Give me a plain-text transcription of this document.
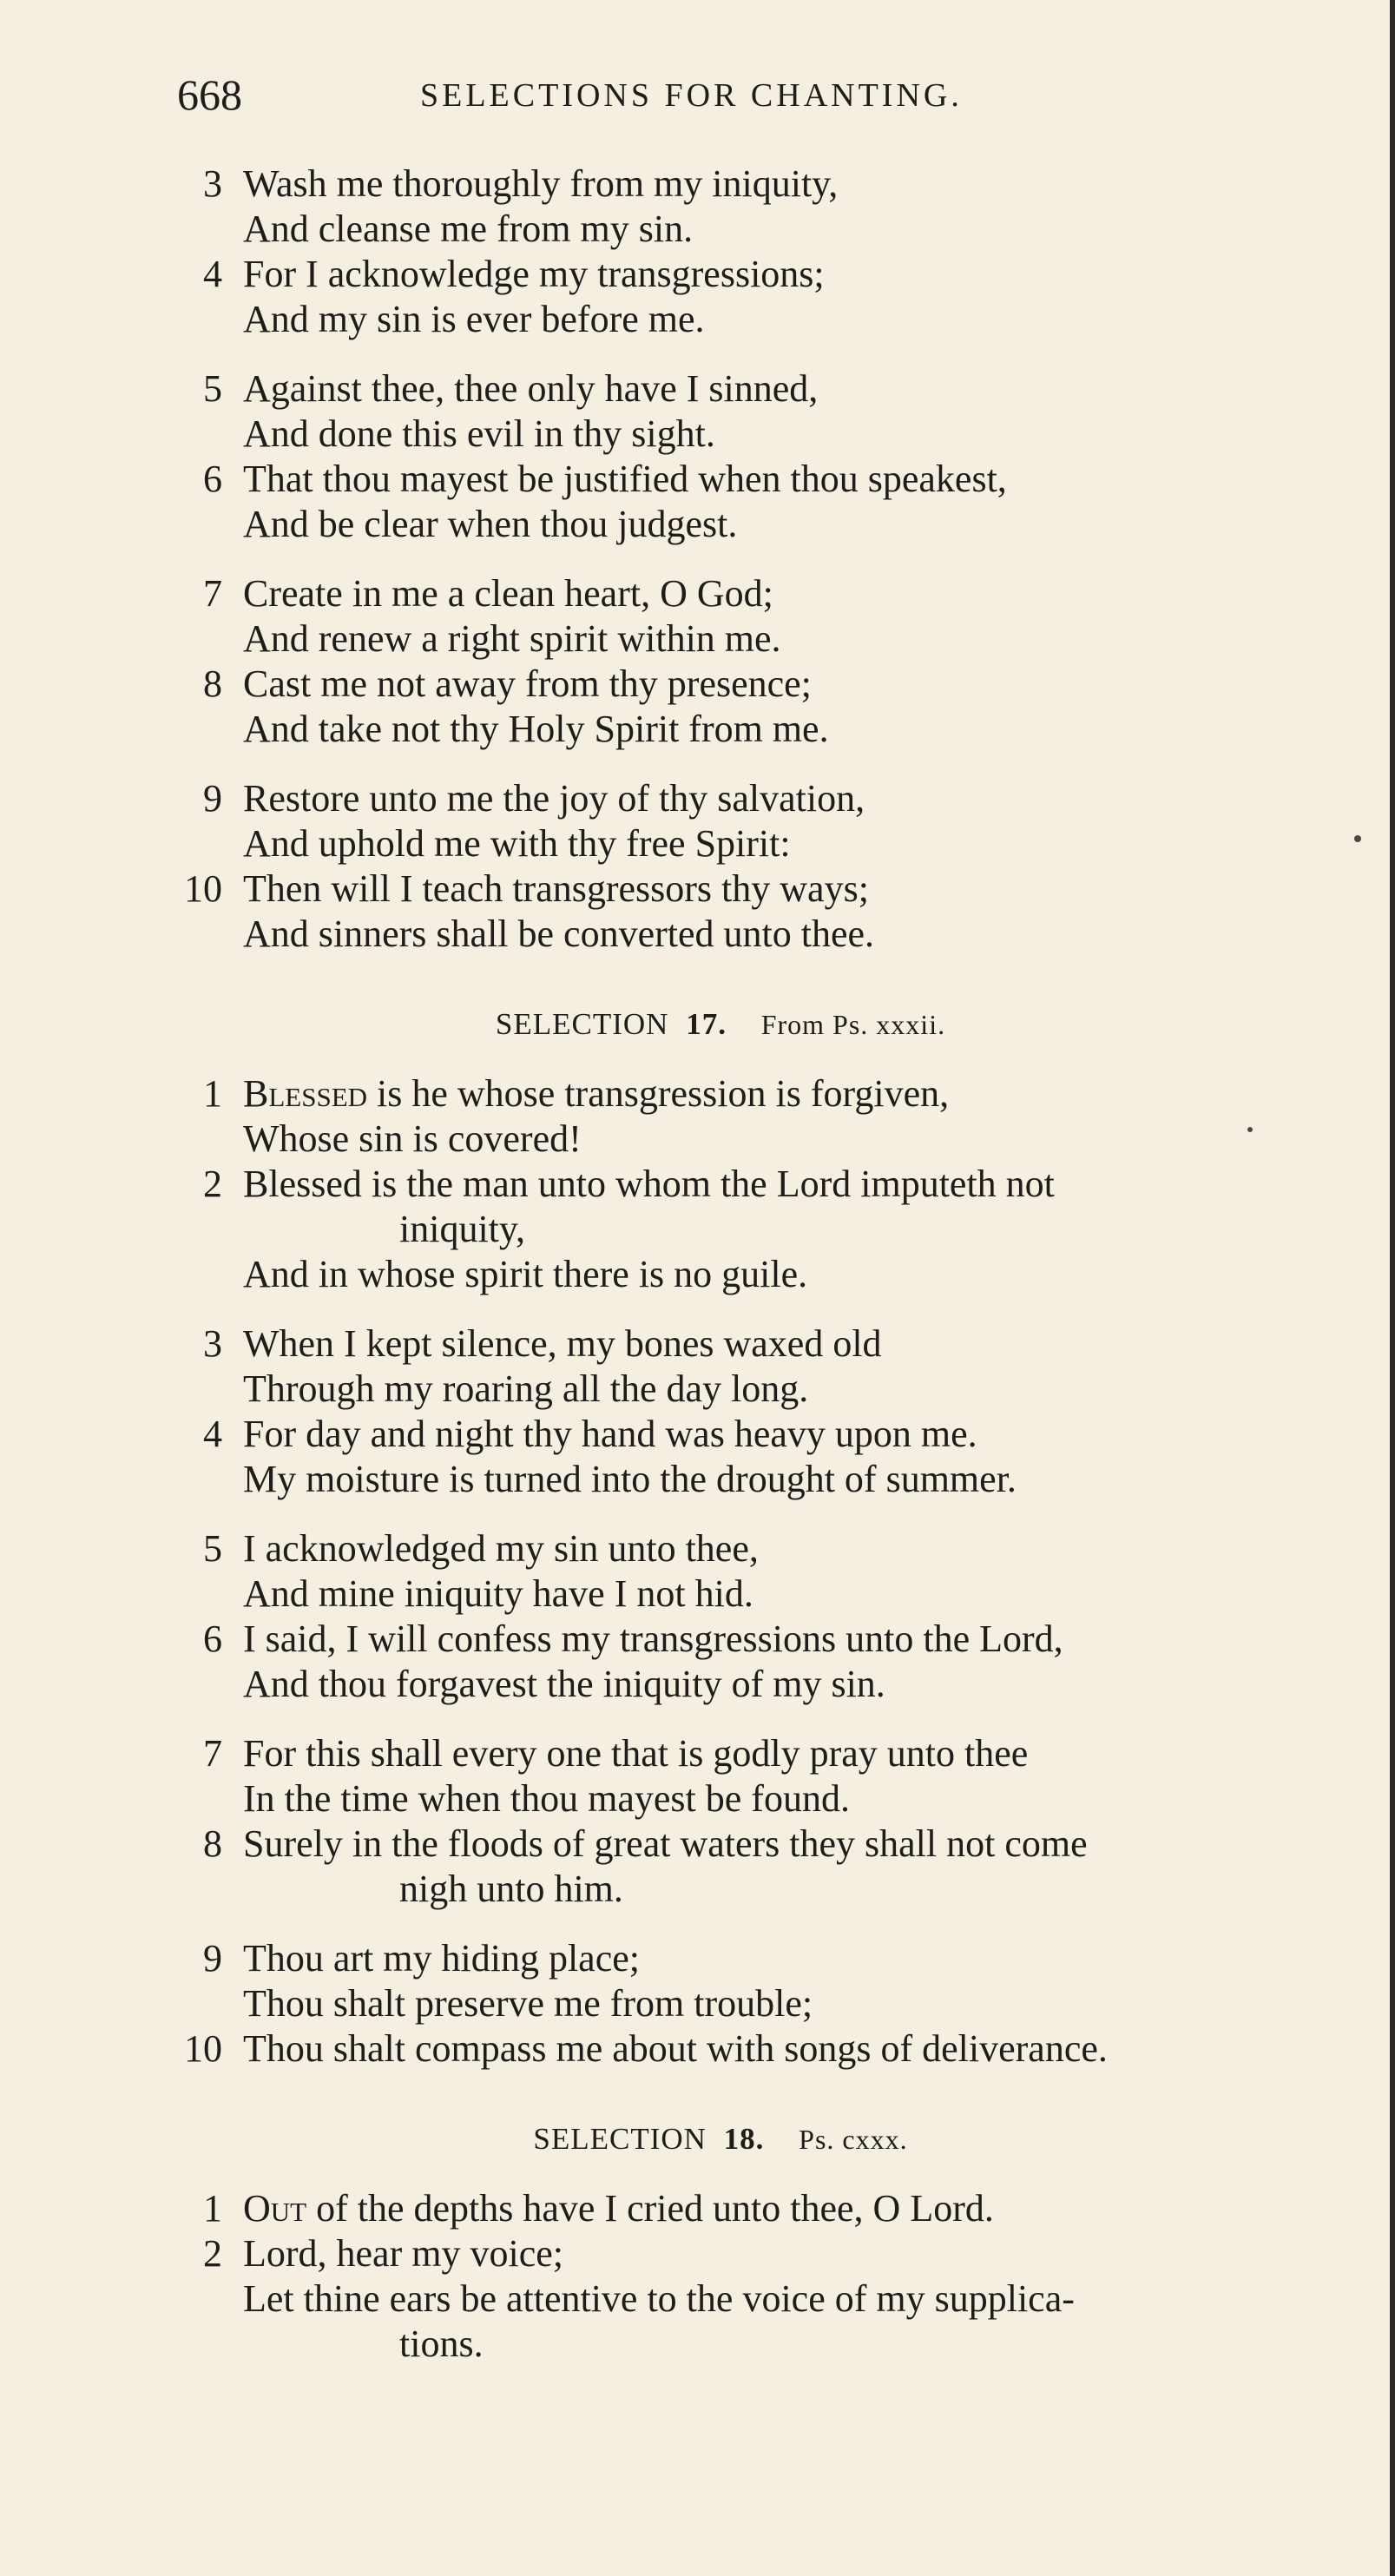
668	SELECTIONS FOR CHANTING.
3 Wash me thoroughly from my iniquity,
And cleanse me from my sin.
4 For I acknowledge my transgressions;
And my sin is ever before me.
5 Against thee, thee only have I sinned,
And done this evil in thy sight.
6 That thou mayest be justified when thou speakest,
And be clear when thou judgest.
7 Create in me a clean heart, O God;
And renew a right spirit within me.
8 Cast me not away from thy presence;
And take not thy Holy Spirit from me.
9 Restore unto me the joy of thy salvation,
And uphold me with thy free Spirit:
10 Then will I teach transgressors thy ways;
And sinners shall be converted unto thee.
SELECTION 17. From Ps. xxxii.
1 Blessed is he whose transgression is forgiven,
Whose sin is covered!
2 Blessed is the man unto whom the Lord imputeth not
iniquity,
And in whose spirit there is no guile.
3 When I kept silence, my bones waxed old
Through my roaring all the day long.
4 For day and night thy hand was heavy upon me.
My moisture is turned into the drought of summer.
5 I acknowledged my sin unto thee,
And mine iniquity have I not hid.
6 I said, I will confess my transgressions unto the Lord,
And thou forgavest the iniquity of my sin.
7 For this shall every one that is godly pray unto thee
In the time when thou mayest be found.
8 Surely in the floods of great waters they shall not come
nigh unto him.
9 Thou art my hiding place;
Thou shalt preserve me from trouble;
10 Thou shalt compass me about with songs of deliverance.
SELECTION 18. Ps. cxxx.
1 Out of the depths have I cried unto thee, O Lord.
2 Lord, hear my voice;
Let thine ears be attentive to the voice of my supplica-
tions.
